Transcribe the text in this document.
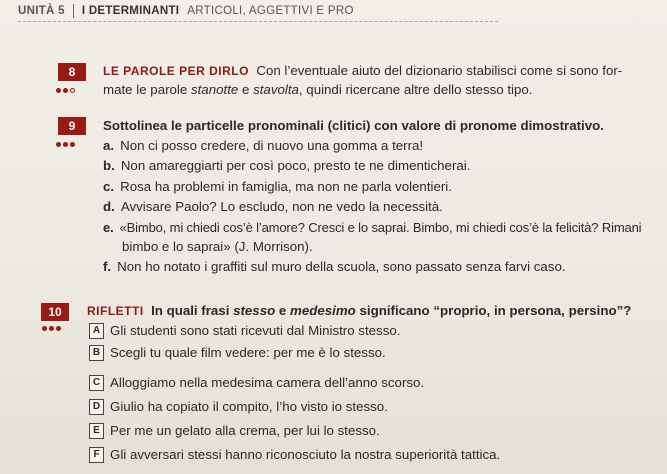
UNITÀ 5 I DETERMINANTI ARTICOLI, AGGETTIVI E PRO
8	LE PAROLE PER DIRLO Con l’eventuale aiuto del dizionario stabilisci come si sono for-
mate le parole stanotte e stavolta, quindi ricercane altre dello stesso tipo.
9	Sottolinea le particelle pronominali (clitici) con valore di pronome dimostrativo.
a. Non ci posso credere, di nuovo una gomma a terra!
b. Non amareggiarti per così poco, presto te ne dimenticherai.
c. Rosa ha problemi in famiglia, ma non ne parla volentieri.
d. Avvisare Paolo? Lo escludo, non ne vedo la necessità.
e. «Bimbo, mi chiedi cos’è l’amore? Cresci e lo saprai. Bimbo, mi chiedi cos’è la felicità? Rimani
bimbo e lo saprai» (J. Morrison).
f. Non ho notato i graffiti sul muro della scuola, sono passato senza farvi caso.
10	RIFLETTI In quali frasi stesso e medesimo significano “proprio, in persona, persino”?
A Gli studenti sono stati ricevuti dal Ministro stesso.
B Scegli tu quale film vedere: per me è lo stesso.
C Alloggiamo nella medesima camera dell’anno scorso.
D Giulio ha copiato il compito, l’ho visto io stesso.
E Per me un gelato alla crema, per lui lo stesso.
F Gli avversari stessi hanno riconosciuto la nostra superiorità tattica.
